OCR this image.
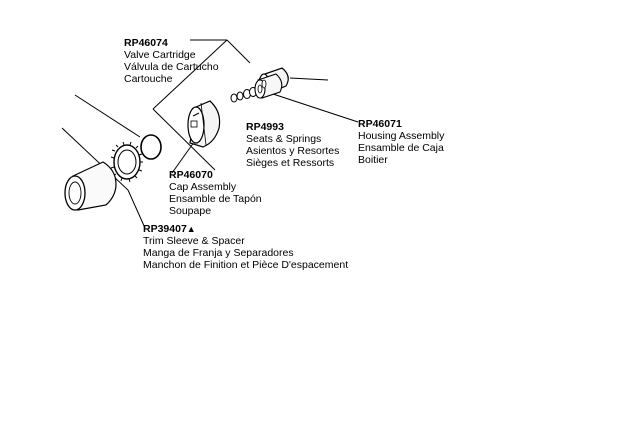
RP46074
Valve Cartridge
Válvula de Cartucho
Cartouche
RP4993
Seats & Springs
Asientos y Resortes
Sièges et Ressorts
RP46071
Housing Assembly
Ensamble de Caja
Boitier
RP46070
Cap Assembly
Ensamble de Tapón
Soupape
RP39407▲
Trim Sleeve & Spacer
Manga de Franja y Separadores
Manchon de Finition et Pièce D'espacement
